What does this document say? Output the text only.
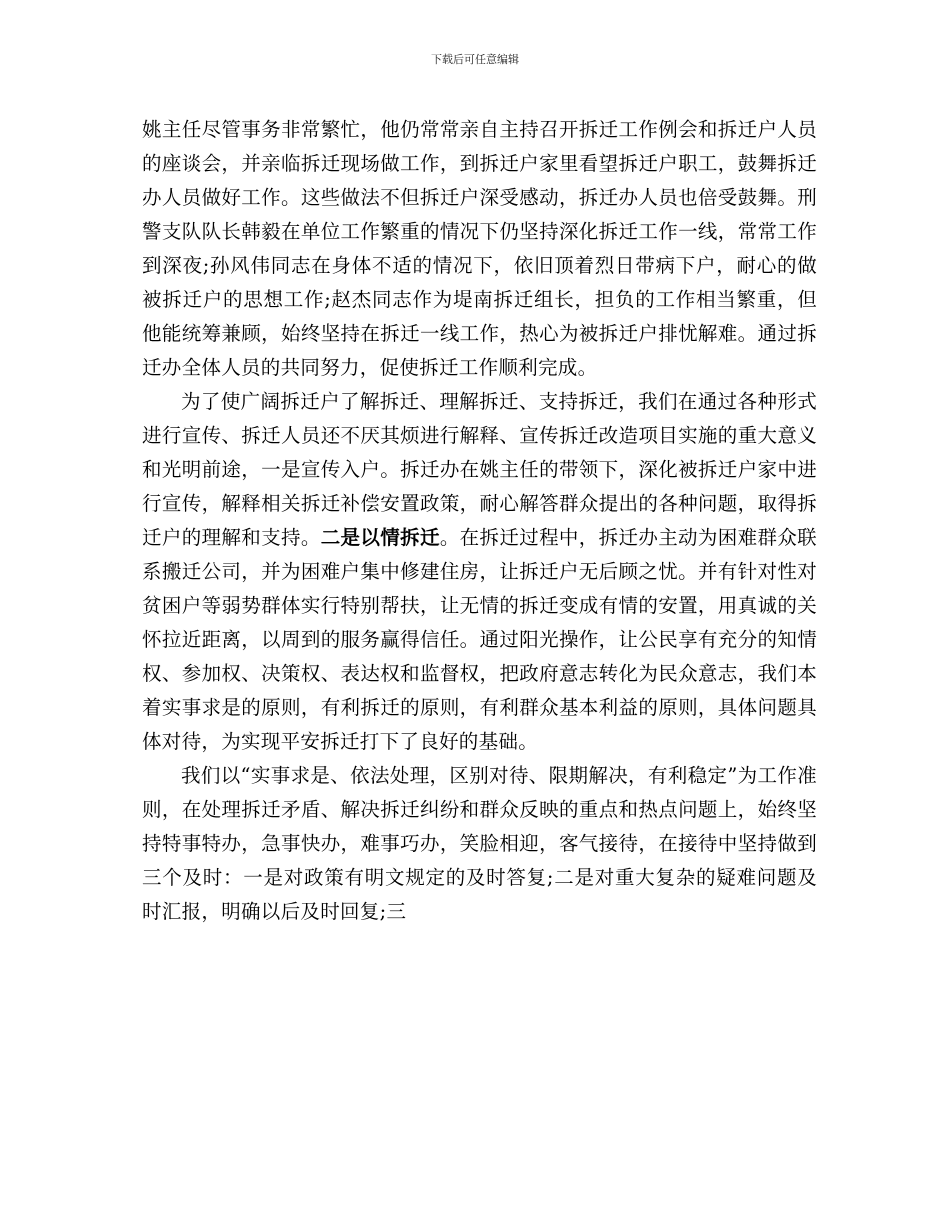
下载后可任意编辑

姚主任尽管事务非常繁忙，他仍常常亲自主持召开拆迁工作例会和拆迁户人员的座谈会，并亲临拆迁现场做工作，到拆迁户家里看望拆迁户职工，鼓舞拆迁办人员做好工作。这些做法不但拆迁户深受感动，拆迁办人员也倍受鼓舞。刑警支队队长韩毅在单位工作繁重的情况下仍坚持深化拆迁工作一线，常常工作到深夜;孙风伟同志在身体不适的情况下，依旧顶着烈日带病下户，耐心的做被拆迁户的思想工作;赵杰同志作为堤南拆迁组长，担负的工作相当繁重，但他能统筹兼顾，始终坚持在拆迁一线工作，热心为被拆迁户排忧解难。通过拆迁办全体人员的共同努力，促使拆迁工作顺利完成。

为了使广阔拆迁户了解拆迁、理解拆迁、支持拆迁，我们在通过各种形式进行宣传、拆迁人员还不厌其烦进行解释、宣传拆迁改造项目实施的重大意义和光明前途，一是宣传入户。拆迁办在姚主任的带领下，深化被拆迁户家中进行宣传，解释相关拆迁补偿安置政策，耐心解答群众提出的各种问题，取得拆迁户的理解和支持。二是以情拆迁。在拆迁过程中，拆迁办主动为困难群众联系搬迁公司，并为困难户集中修建住房，让拆迁户无后顾之忧。并有针对性对贫困户等弱势群体实行特别帮扶，让无情的拆迁变成有情的安置，用真诚的关怀拉近距离，以周到的服务赢得信任。通过阳光操作，让公民享有充分的知情权、参加权、决策权、表达权和监督权，把政府意志转化为民众意志，我们本着实事求是的原则，有利拆迁的原则，有利群众基本利益的原则，具体问题具体对待，为实现平安拆迁打下了良好的基础。

我们以“实事求是、依法处理，区别对待、限期解决，有利稳定”为工作准则，在处理拆迁矛盾、解决拆迁纠纷和群众反映的重点和热点问题上，始终坚持特事特办，急事快办，难事巧办，笑脸相迎，客气接待，在接待中坚持做到三个及时：一是对政策有明文规定的及时答复;二是对重大复杂的疑难问题及时汇报，明确以后及时回复;三
